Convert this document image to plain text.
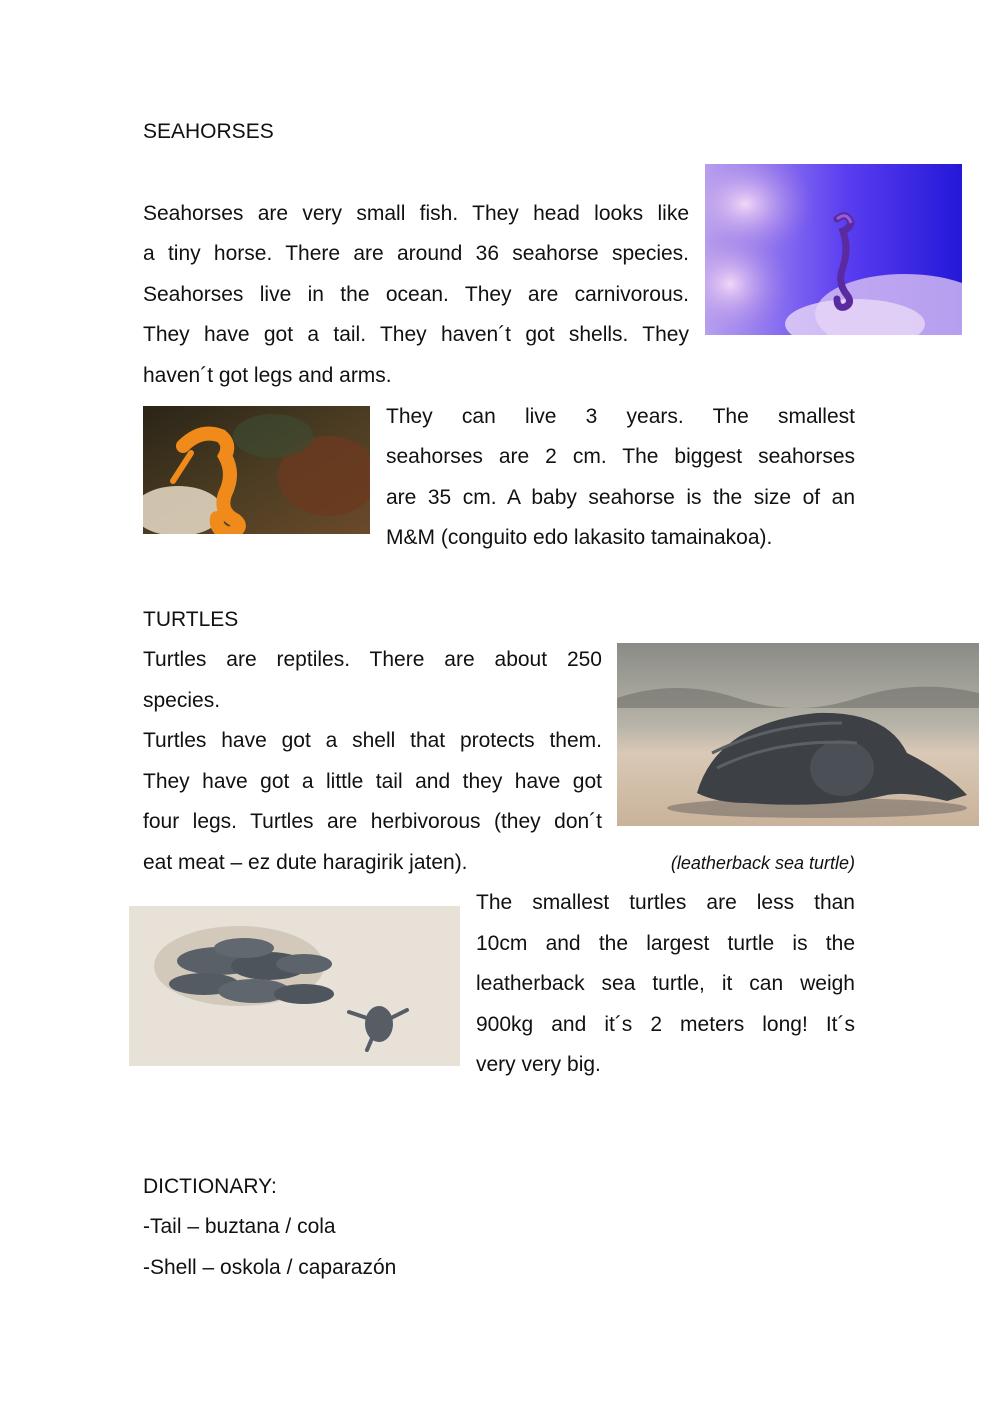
SEAHORSES
Seahorses are very small fish. They head looks like
a tiny horse. There are around 36 seahorse species.
Seahorses live in the ocean. They are carnivorous.
They have got a tail. They haven´t got shells. They
haven´t got legs and arms.
They can live 3 years. The smallest
seahorses are 2 cm. The biggest seahorses
are 35 cm. A baby seahorse is the size of an
M&M (conguito edo lakasito tamainakoa).
TURTLES
Turtles are reptiles. There are about 250
species.
Turtles have got a shell that protects them.
They have got a little tail and they have got
four legs. Turtles are herbivorous (they don´t
eat meat – ez dute haragirik jaten).	(leatherback sea turtle)
The smallest turtles are less than
10cm and the largest turtle is the
leatherback sea turtle, it can weigh
900kg and it´s 2 meters long! It´s
very very big.
DICTIONARY:
-Tail – buztana / cola
-Shell – oskola / caparazón
